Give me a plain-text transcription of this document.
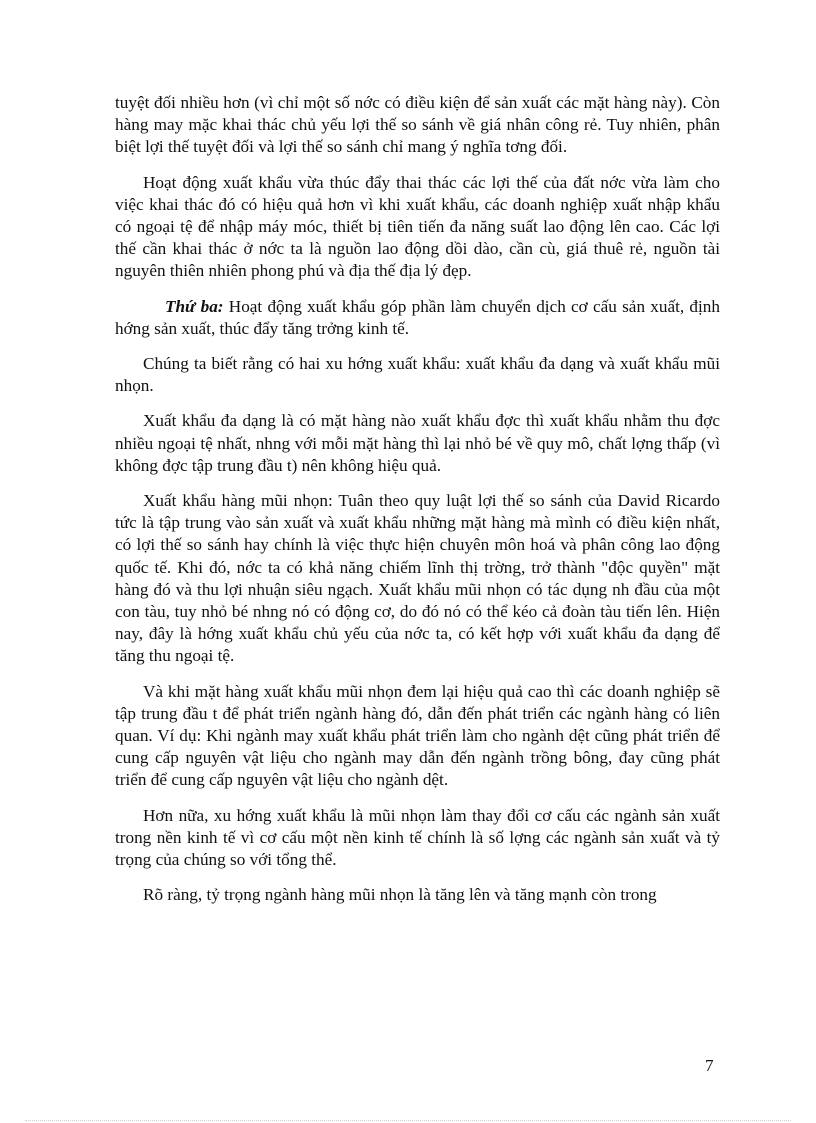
tuyệt đối nhiều hơn (vì chỉ một số nớc có điều kiện để sản xuất các mặt hàng này). Còn hàng may mặc khai thác chủ yếu lợi thế so sánh về giá nhân công rẻ. Tuy nhiên, phân biệt lợi thế tuyệt đối và lợi thế so sánh chỉ mang ý nghĩa tơng đối.

Hoạt động xuất khẩu vừa thúc đẩy thai thác các lợi thế của đất nớc vừa làm cho việc khai thác đó có hiệu quả hơn vì khi xuất khẩu, các doanh nghiệp xuất nhập khẩu có ngoại tệ để nhập máy móc, thiết bị tiên tiến đa năng suất lao động lên cao. Các lợi thế cần khai thác ở nớc ta là nguồn lao động dồi dào, cần cù, giá thuê rẻ, nguồn tài nguyên thiên nhiên phong phú và địa thế địa lý đẹp.

Thứ ba: Hoạt động xuất khẩu góp phần làm chuyển dịch cơ cấu sản xuất, định hớng sản xuất, thúc đẩy tăng trởng kinh tế.

Chúng ta biết rằng có hai xu hớng xuất khẩu: xuất khẩu đa dạng và xuất khẩu mũi nhọn.

Xuất khẩu đa dạng là có mặt hàng nào xuất khẩu đợc thì xuất khẩu nhằm thu đợc nhiều ngoại tệ nhất, nhng với mỗi mặt hàng thì lại nhỏ bé về quy mô, chất lợng thấp (vì không đợc tập trung đầu t) nên không hiệu quả.

Xuất khẩu hàng mũi nhọn: Tuân theo quy luật lợi thế so sánh của David Ricardo tức là tập trung vào sản xuất và xuất khẩu những mặt hàng mà mình có điều kiện nhất, có lợi thế so sánh hay chính là việc thực hiện chuyên môn hoá và phân công lao động quốc tế. Khi đó, nớc ta có khả năng chiếm lĩnh thị trờng, trở thành "độc quyền" mặt hàng đó và thu lợi nhuận siêu ngạch. Xuất khẩu mũi nhọn có tác dụng nh đầu của một con tàu, tuy nhỏ bé nhng nó có động cơ, do đó nó có thể kéo cả đoàn tàu tiến lên. Hiện nay, đây là hớng xuất khẩu chủ yếu của nớc ta, có kết hợp với xuất khẩu đa dạng để tăng thu ngoại tệ.

Và khi mặt hàng xuất khẩu mũi nhọn đem lại hiệu quả cao thì các doanh nghiệp sẽ tập trung đầu t để phát triển ngành hàng đó, dẫn đến phát triển các ngành hàng có liên quan. Ví dụ: Khi ngành may xuất khẩu phát triển làm cho ngành dệt cũng phát triển để cung cấp nguyên vật liệu cho ngành may dẫn đến ngành trồng bông, đay cũng phát triển để cung cấp nguyên vật liệu cho ngành dệt.

Hơn nữa, xu hớng xuất khẩu là mũi nhọn làm thay đổi cơ cấu các ngành sản xuất trong nền kinh tế vì cơ cấu một nền kinh tế chính là số lợng các ngành sản xuất và tỷ trọng của chúng so với tổng thể.

Rõ ràng, tỷ trọng ngành hàng mũi nhọn là tăng lên và tăng mạnh còn trong

7
